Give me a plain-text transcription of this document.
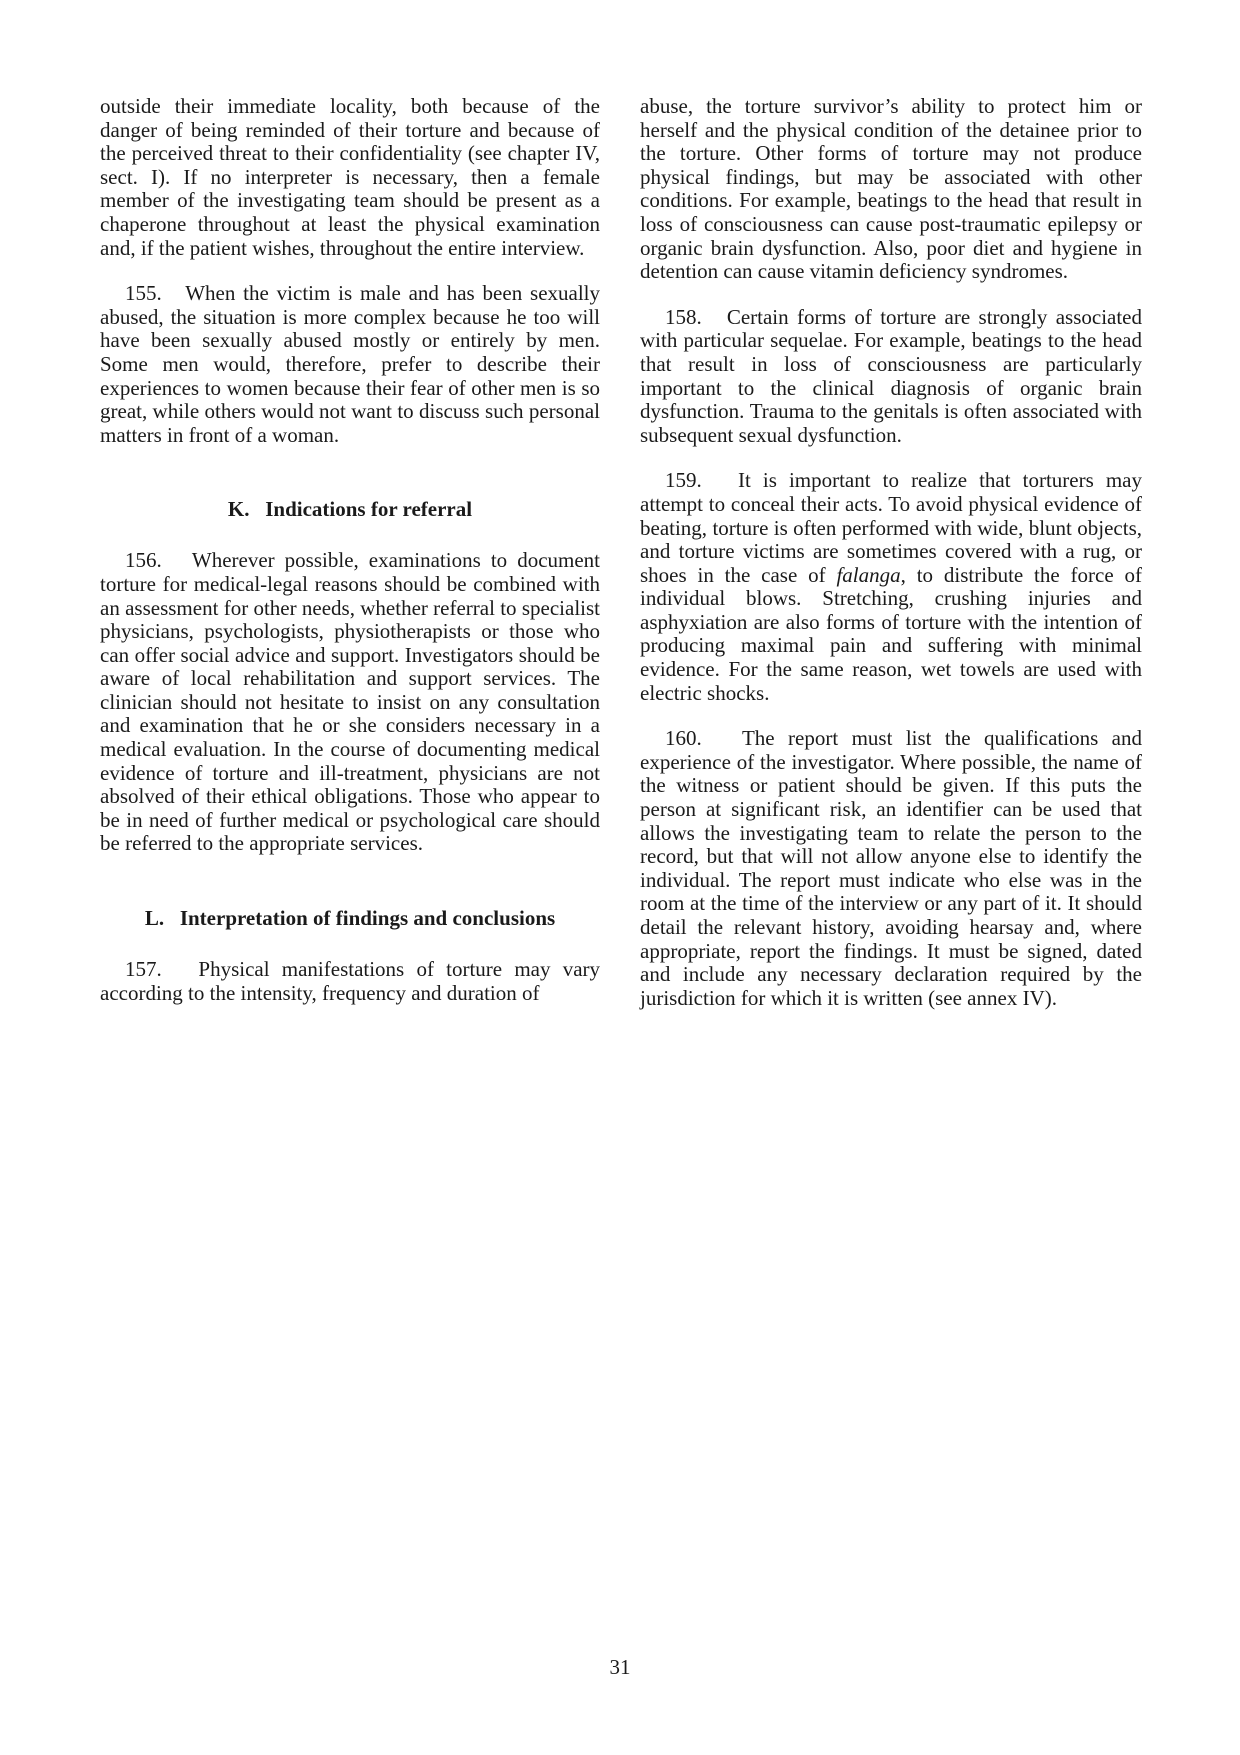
outside their immediate locality, both because of the danger of being reminded of their torture and because of the perceived threat to their confidentiality (see chapter IV, sect. I). If no interpreter is necessary, then a female member of the investigating team should be present as a chaperone throughout at least the physical examination and, if the patient wishes, throughout the entire interview.

155. When the victim is male and has been sexually abused, the situation is more complex because he too will have been sexually abused mostly or entirely by men. Some men would, therefore, prefer to describe their experiences to women because their fear of other men is so great, while others would not want to discuss such personal matters in front of a woman.

K. Indications for referral

156. Wherever possible, examinations to document torture for medical-legal reasons should be combined with an assessment for other needs, whether referral to specialist physicians, psychologists, physiotherapists or those who can offer social advice and support. Investigators should be aware of local rehabilitation and support services. The clinician should not hesitate to insist on any consultation and examination that he or she considers necessary in a medical evaluation. In the course of documenting medical evidence of torture and ill-treatment, physicians are not absolved of their ethical obligations. Those who appear to be in need of further medical or psychological care should be referred to the appropriate services.

L. Interpretation of findings and conclusions

157. Physical manifestations of torture may vary according to the intensity, frequency and duration of

abuse, the torture survivor’s ability to protect him or herself and the physical condition of the detainee prior to the torture. Other forms of torture may not produce physical findings, but may be associated with other conditions. For example, beatings to the head that result in loss of consciousness can cause post-traumatic epilepsy or organic brain dysfunction. Also, poor diet and hygiene in detention can cause vitamin deficiency syndromes.

158. Certain forms of torture are strongly associated with particular sequelae. For example, beatings to the head that result in loss of consciousness are particularly important to the clinical diagnosis of organic brain dysfunction. Trauma to the genitals is often associated with subsequent sexual dysfunction.

159. It is important to realize that torturers may attempt to conceal their acts. To avoid physical evidence of beating, torture is often performed with wide, blunt objects, and torture victims are sometimes covered with a rug, or shoes in the case of falanga, to distribute the force of individual blows. Stretching, crushing injuries and asphyxiation are also forms of torture with the intention of producing maximal pain and suffering with minimal evidence. For the same reason, wet towels are used with electric shocks.

160. The report must list the qualifications and experience of the investigator. Where possible, the name of the witness or patient should be given. If this puts the person at significant risk, an identifier can be used that allows the investigating team to relate the person to the record, but that will not allow anyone else to identify the individual. The report must indicate who else was in the room at the time of the interview or any part of it. It should detail the relevant history, avoiding hearsay and, where appropriate, report the findings. It must be signed, dated and include any necessary declaration required by the jurisdiction for which it is written (see annex IV).

31
